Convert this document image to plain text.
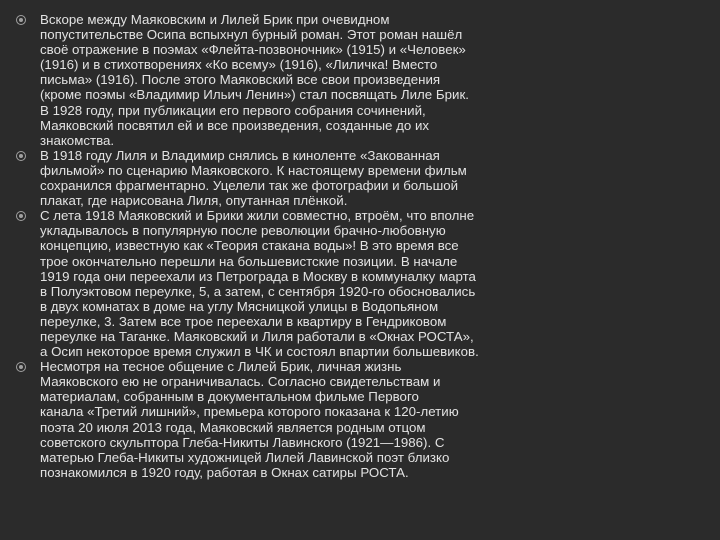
Вскоре между Маяковским и Лилей Брик при очевидном
попустительстве Осипа вспыхнул бурный роман. Этот роман нашёл
своё отражение в поэмах «Флейта-позвоночник» (1915) и «Человек»
(1916) и в стихотворениях «Ко всему» (1916), «Лиличка! Вместо
письма» (1916). После этого Маяковский все свои произведения
(кроме поэмы «Владимир Ильич Ленин») стал посвящать Лиле Брик.
В 1928 году, при публикации его первого собрания сочинений,
Маяковский посвятил ей и все произведения, созданные до их
знакомства.
В 1918 году Лиля и Владимир снялись в киноленте «Закованная
фильмой» по сценарию Маяковского. К настоящему времени фильм
сохранился фрагментарно. Уцелели так же фотографии и большой
плакат, где нарисована Лиля, опутанная плёнкой.
С лета 1918 Маяковский и Брики жили совместно, втроём, что вполне
укладывалось в популярную после революции брачно-любовную
концепцию, известную как «Теория стакана воды»! В это время все
трое окончательно перешли на большевистские позиции. В начале
1919 года они переехали из Петрограда в Москву в коммуналку марта
в Полуэктовом переулке, 5, а затем, с сентября 1920-го обосновались
в двух комнатах в доме на углу Мясницкой улицы в Водопьяном
переулке, 3. Затем все трое переехали в квартиру в Гендриковом
переулке на Таганке. Маяковский и Лиля работали в «Окнах РОСТА»,
а Осип некоторое время служил в ЧК и состоял впартии большевиков.
Несмотря на тесное общение с Лилей Брик, личная жизнь
Маяковского ею не ограничивалась. Согласно свидетельствам и
материалам, собранным в документальном фильме Первого
канала «Третий лишний», премьера которого показана к 120-летию
поэта 20 июля 2013 года, Маяковский является родным отцом
советского скульптора Глеба-Никиты Лавинского (1921—1986). С
матерью Глеба-Никиты художницей Лилей Лавинской поэт близко
познакомился в 1920 году, работая в Окнах сатиры РОСТА.
